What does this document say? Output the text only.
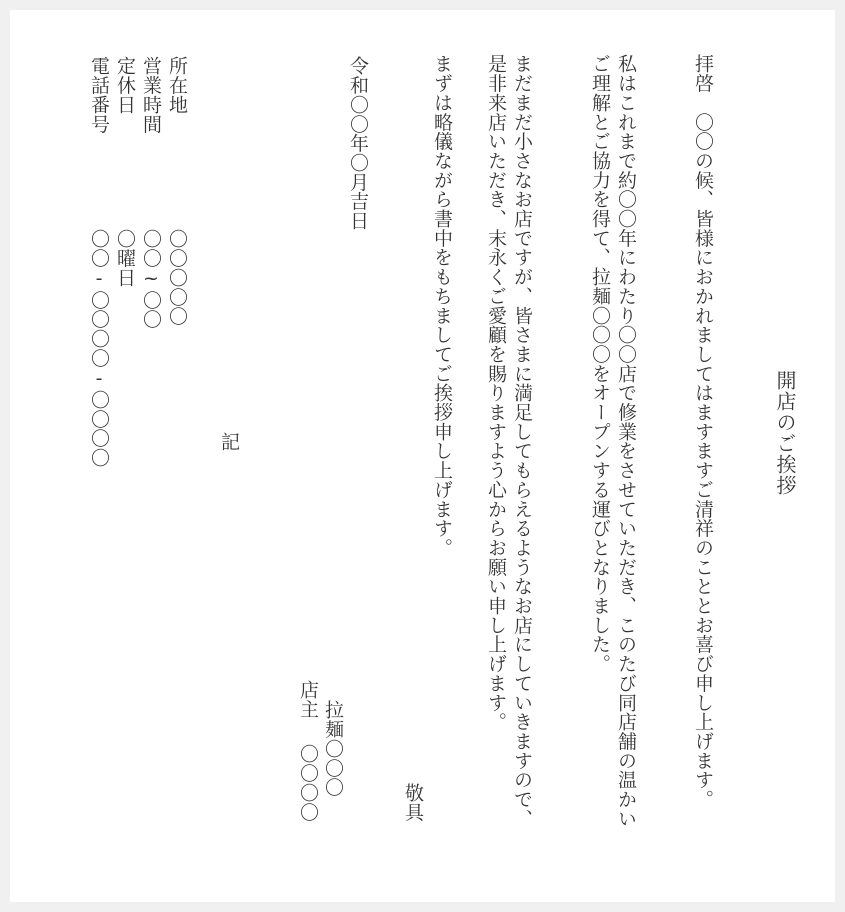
開店のご挨拶
拝啓　〇〇の候、皆様におかれましてはますますご清祥のこととお喜び申し上げます。
私はこれまで約〇〇年にわたり〇〇店で修業をさせていただき、このたび同店舗の温かいご理解とご協力を得て、拉麺〇〇〇をオープンする運びとなりました。
まだまだ小さなお店ですが、皆さまに満足してもらえるようなお店にしていきますので、　是非来店いただき、末永くご愛顧を賜りますよう心からお願い申し上げます。
まずは略儀ながら書中をもちましてご挨拶申し上げます。
敬具
令和〇〇年〇月吉日
拉麺〇〇〇
店主
〇〇〇〇
記
所在地
〇〇〇〇〇
営業時間
〇〇~〇〇
定休日
〇曜日
電話番号
〇〇-〇〇〇〇-〇〇〇〇
